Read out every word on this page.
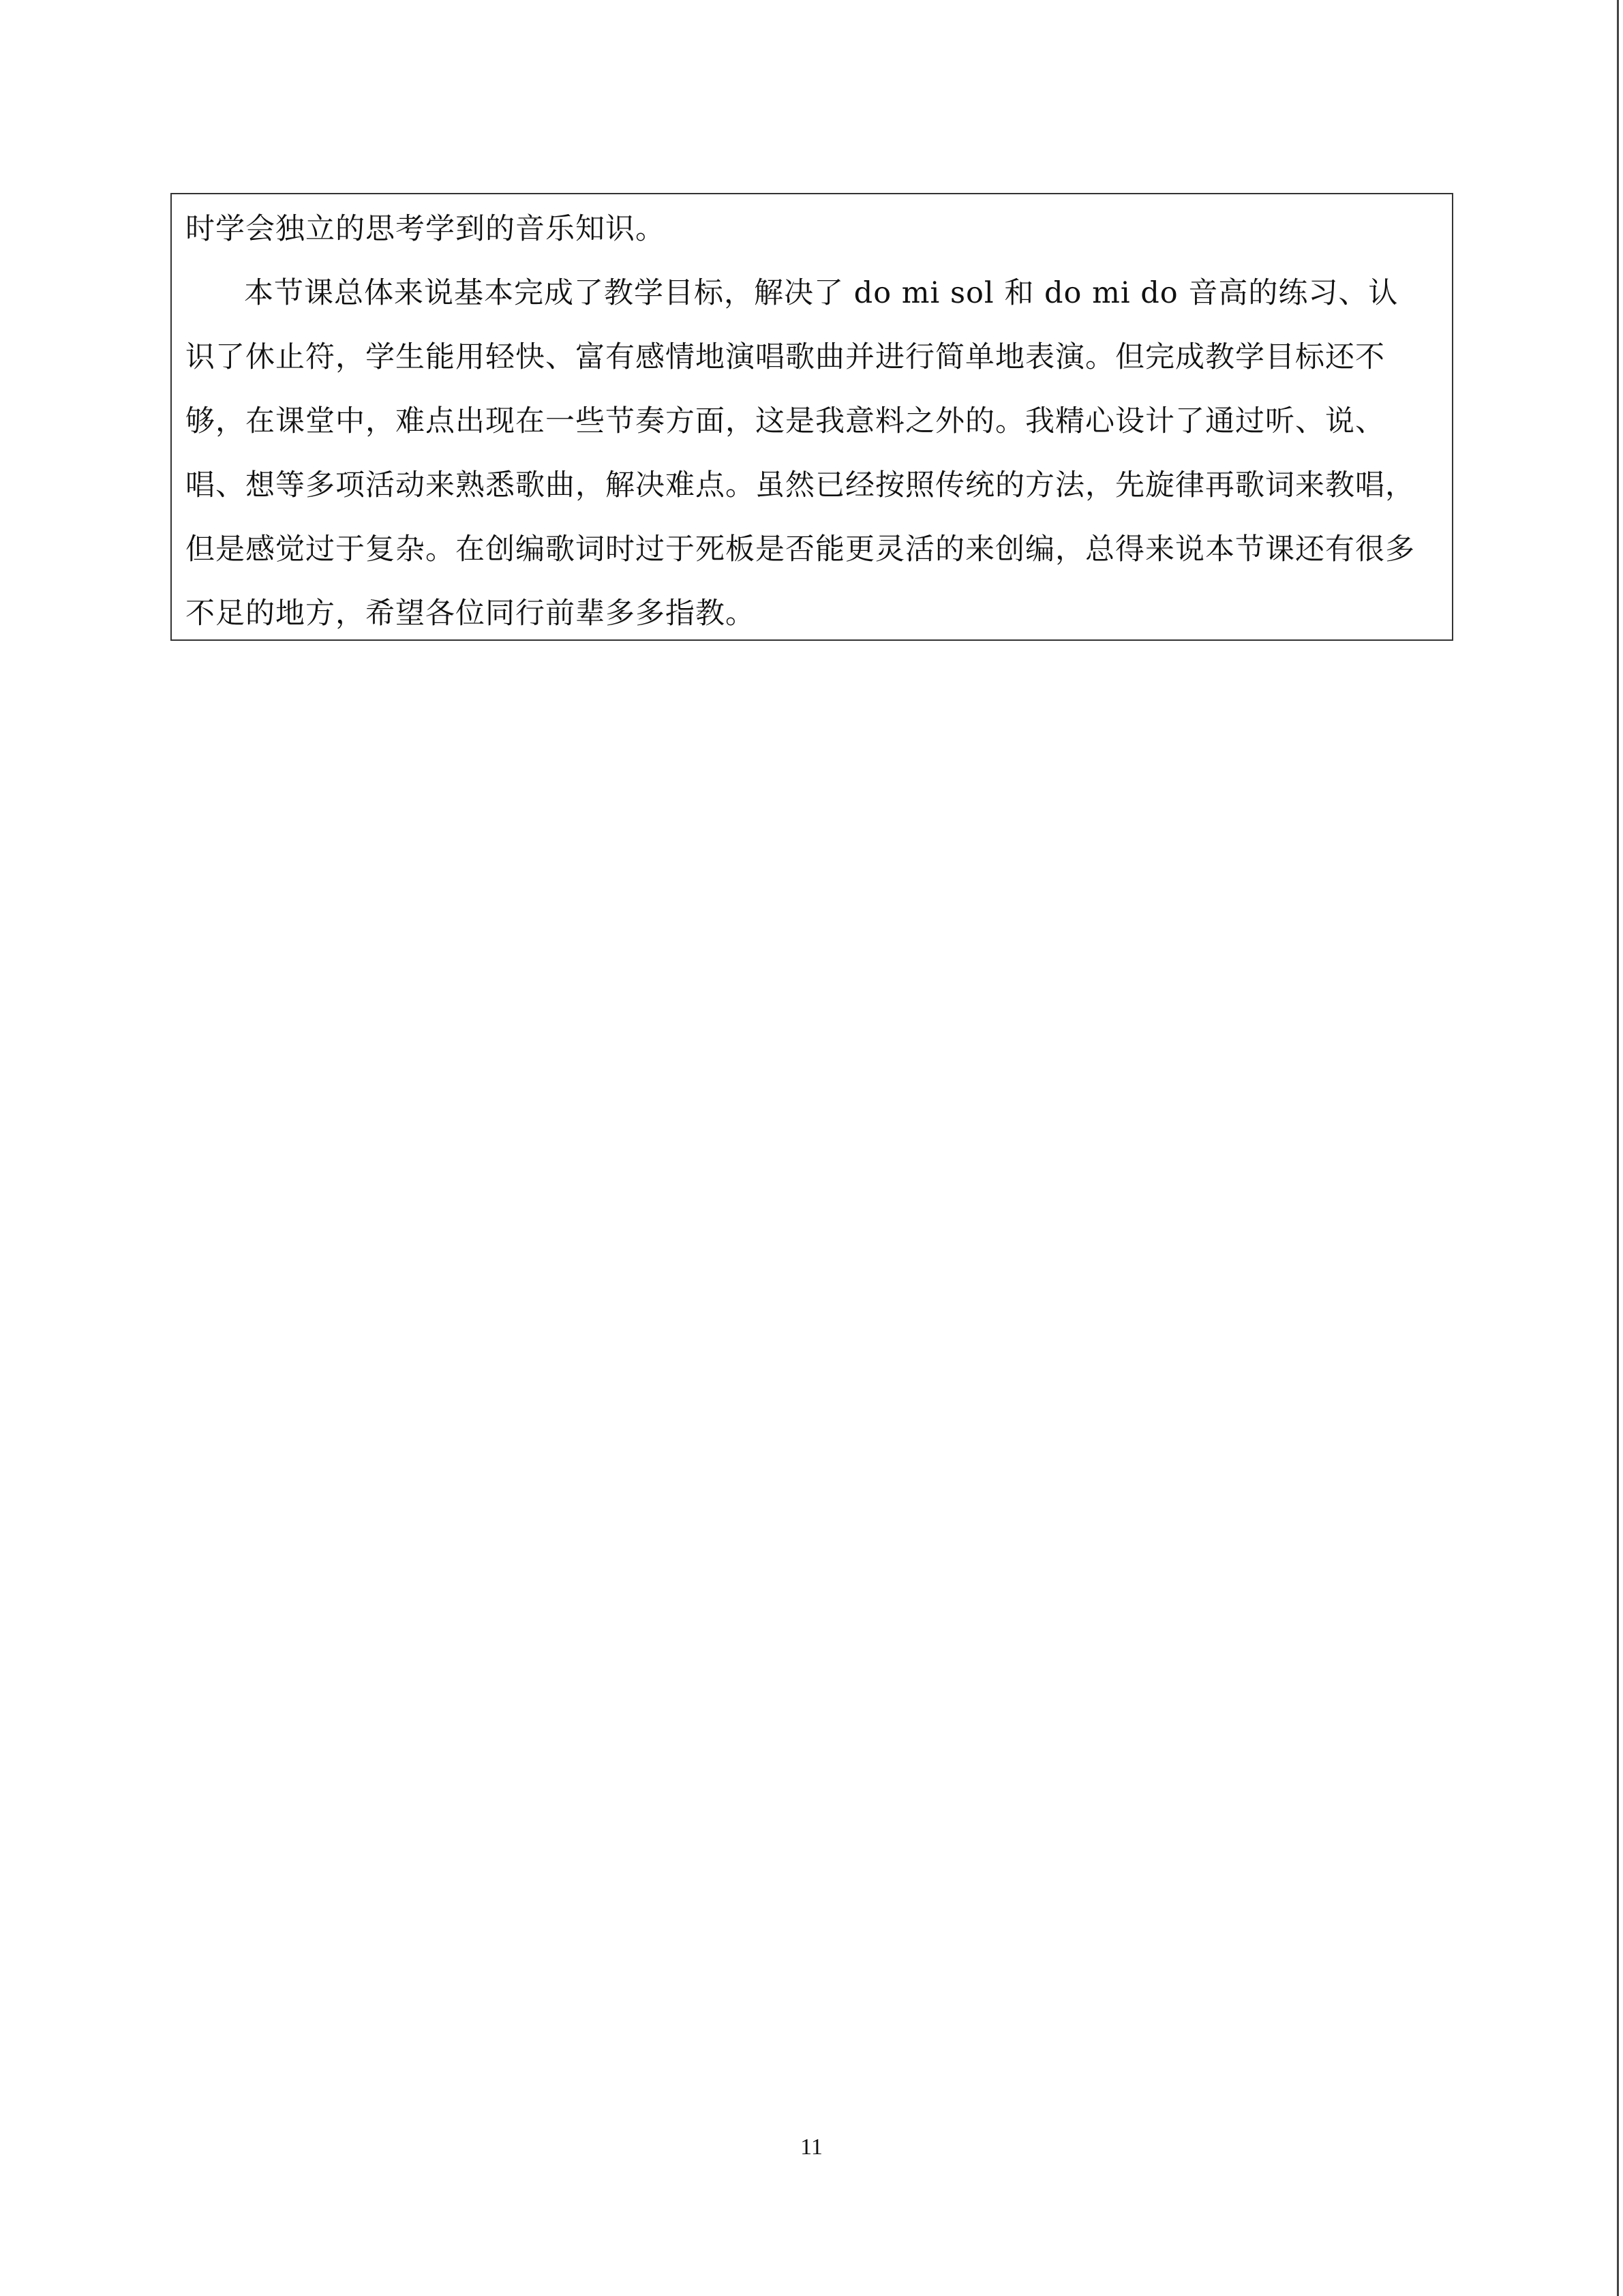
时学会独立的思考学到的音乐知识。

本节课总体来说基本完成了教学目标，解决了 do mi sol 和 do mi do 音高的练习、认识了休止符，学生能用轻快、富有感情地演唱歌曲并进行简单地表演。但完成教学目标还不够，在课堂中，难点出现在一些节奏方面，这是我意料之外的。我精心设计了通过听、说、唱、想等多项活动来熟悉歌曲，解决难点。虽然已经按照传统的方法，先旋律再歌词来教唱，但是感觉过于复杂。在创编歌词时过于死板是否能更灵活的来创编，总得来说本节课还有很多不足的地方，希望各位同行前辈多多指教。

11
